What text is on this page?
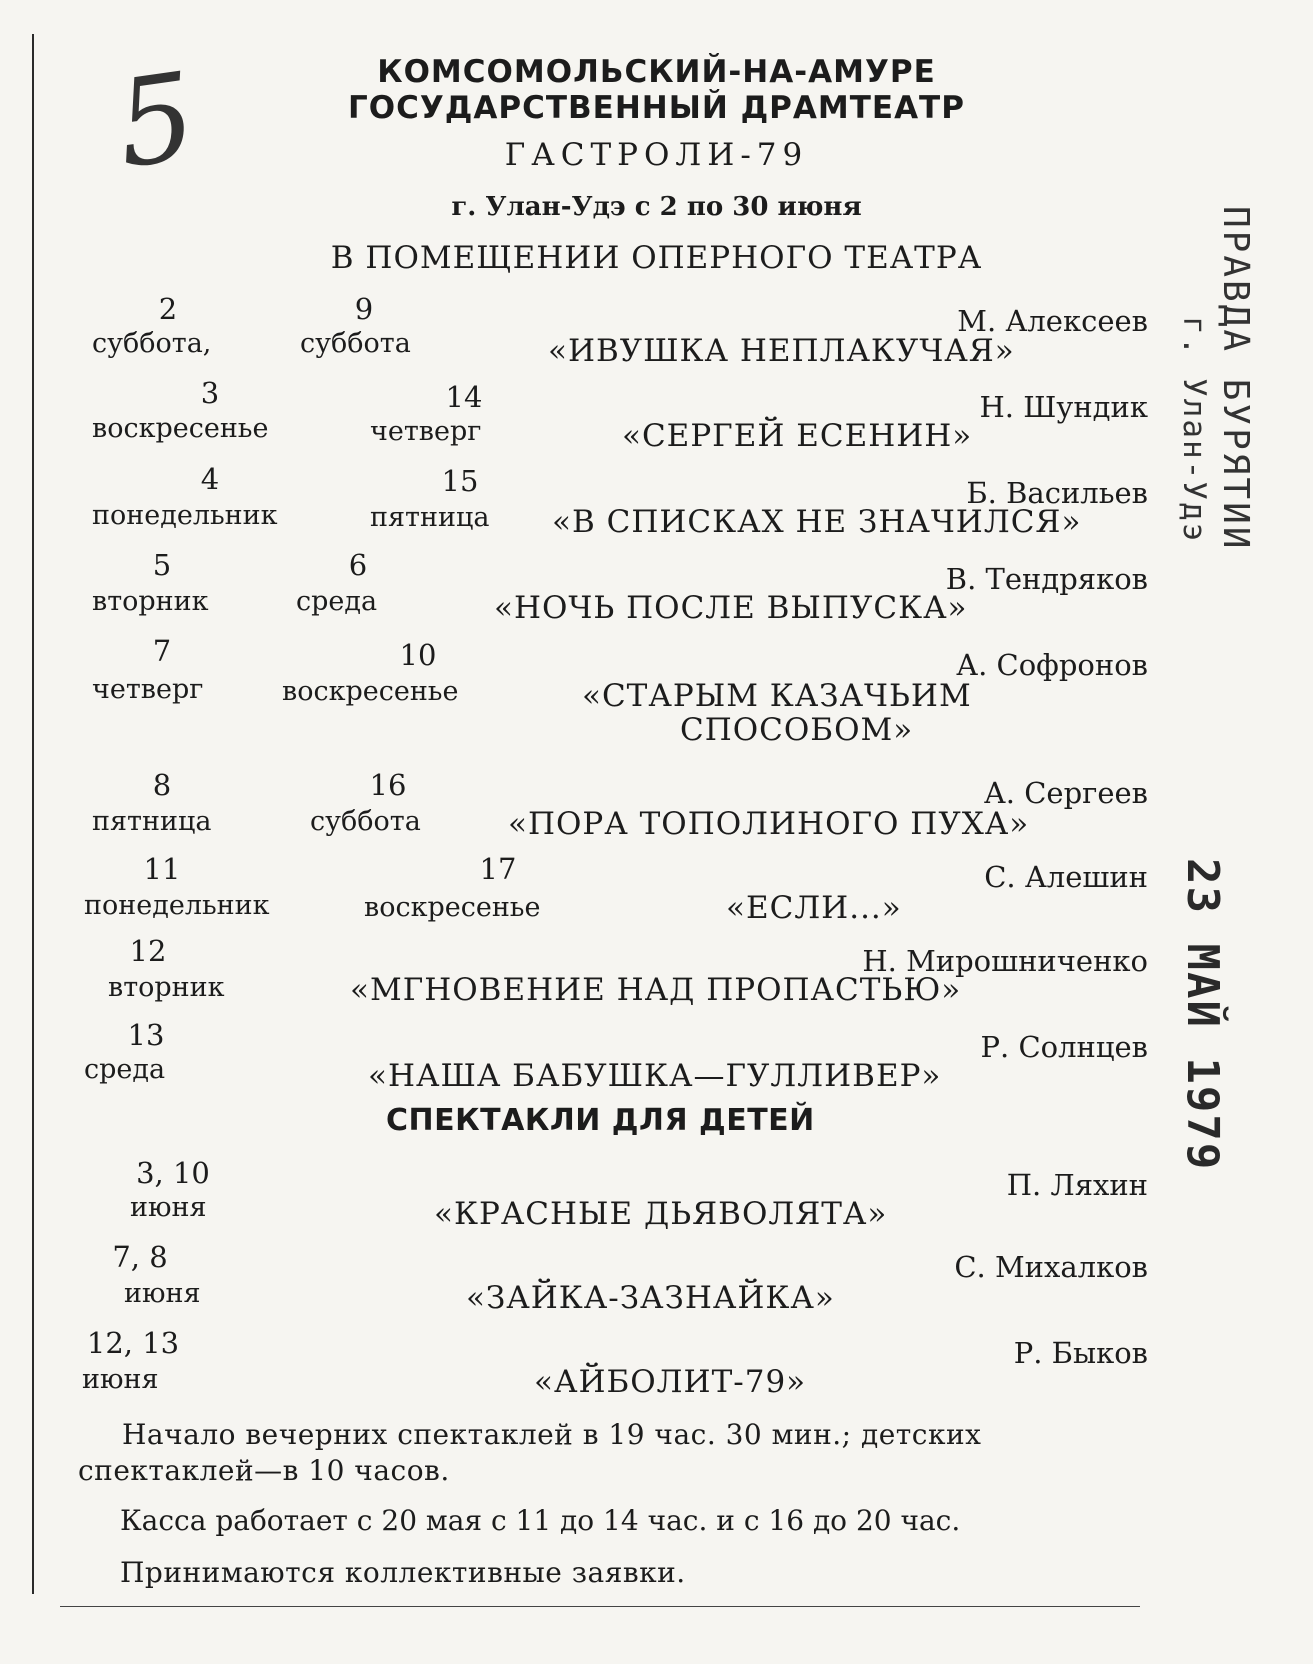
5	КОМСОМОЛЬСКИЙ-НА-АМУРЕ
ГОСУДАРСТВЕННЫЙ ДРАМТЕАТР
ГАСТРОЛИ-79
г. Улан-Удэ с 2 по 30 июня
В ПОМЕЩЕНИИ ОПЕРНОГО ТЕАТРА
2
суббота,
9
суббота
М. Алексеев
«ИВУШКА НЕПЛАКУЧАЯ»
3
воскресенье
14
четверг
Н. Шундик
«СЕРГЕЙ ЕСЕНИН»
4
понедельник
15
пятница
Б. Васильев
«В СПИСКАХ НЕ ЗНАЧИЛСЯ»
5
вторник
6
среда
В. Тендряков
«НОЧЬ ПОСЛЕ ВЫПУСКА»
7
четверг
10
воскресенье
А. Софронов
«СТАРЫМ КАЗАЧЬИМ
СПОСОБОМ»
8
пятница
16
суббота
А. Сергеев
«ПОРА ТОПОЛИНОГО ПУХА»
11
понедельник
17
воскресенье
С. Алешин
«ЕСЛИ...»
12
вторник
Н. Мирошниченко
«МГНОВЕНИЕ НАД ПРОПАСТЬЮ»
13
среда
Р. Солнцев
«НАША БАБУШКА—ГУЛЛИВЕР»
СПЕКТАКЛИ ДЛЯ ДЕТЕЙ
3, 10
июня
П. Ляхин
«КРАСНЫЕ ДЬЯВОЛЯТА»
7, 8
июня
С. Михалков
«ЗАЙКА-ЗАЗНАЙКА»
12, 13
июня
Р. Быков
«АЙБОЛИТ-79»
Начало вечерних спектаклей в 19 час. 30 мин.; детских
спектаклей—в 10 часов.
Касса работает с 20 мая с 11 до 14 час. и с 16 до 20 час.
Принимаются коллективные заявки.
ПРАВДА БУРЯТИИ
г. Улан-Удэ
23 МАЙ 1979
